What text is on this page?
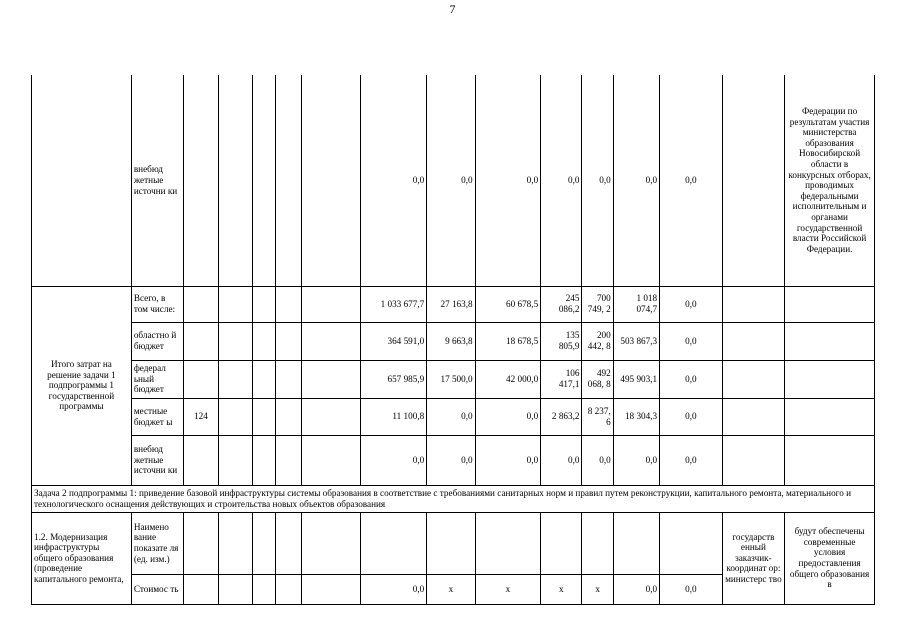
7
	внебюд жетные источни ки						0,0	0,0	0,0	0,0	0,0	0,0	0,0		Федерации по результатам участия министерства образования Новосибирской области в конкурсных отборах, проводимых федеральными исполнительным и органами государственной власти Российской Федерации.
Итого затрат на решение задачи 1 подпрограммы 1 государственной программы	Всего, в том числе:						1 033 677,7	27 163,8	60 678,5	245 086,2	700 749, 2	1 018 074,7	0,0		
	областно й бюджет						364 591,0	9 663,8	18 678,5	135 805,9	200 442, 8	503 867,3	0,0		
	федерал ьный бюджет						657 985,9	17 500,0	42 000,0	106 417,1	492 068, 8	495 903,1	0,0		
	местные бюджет ы	124					11 100,8	0,0	0,0	2 863,2	8 237, 6	18 304,3	0,0		
	внебюд жетные источни ки						0,0	0,0	0,0	0,0	0,0	0,0	0,0		
Задача 2 подпрограммы 1: приведение базовой инфраструктуры системы образования в соответствие с требованиями санитарных норм и правил путем реконструкции, капитального ремонта, материального и технологического оснащения действующих и строительства новых объектов образования															
1.2. Модернизация инфраструктуры общего образования (проведение капитального ремонта,	Наимено вание показате ля (ед. изм.)													государств енный заказчик-координат ор: министерс тво	будут обеспечены современные условия предоставления общего образования в
	Стоимос ть						0,0	х	х	х	х	0,0	0,0		
